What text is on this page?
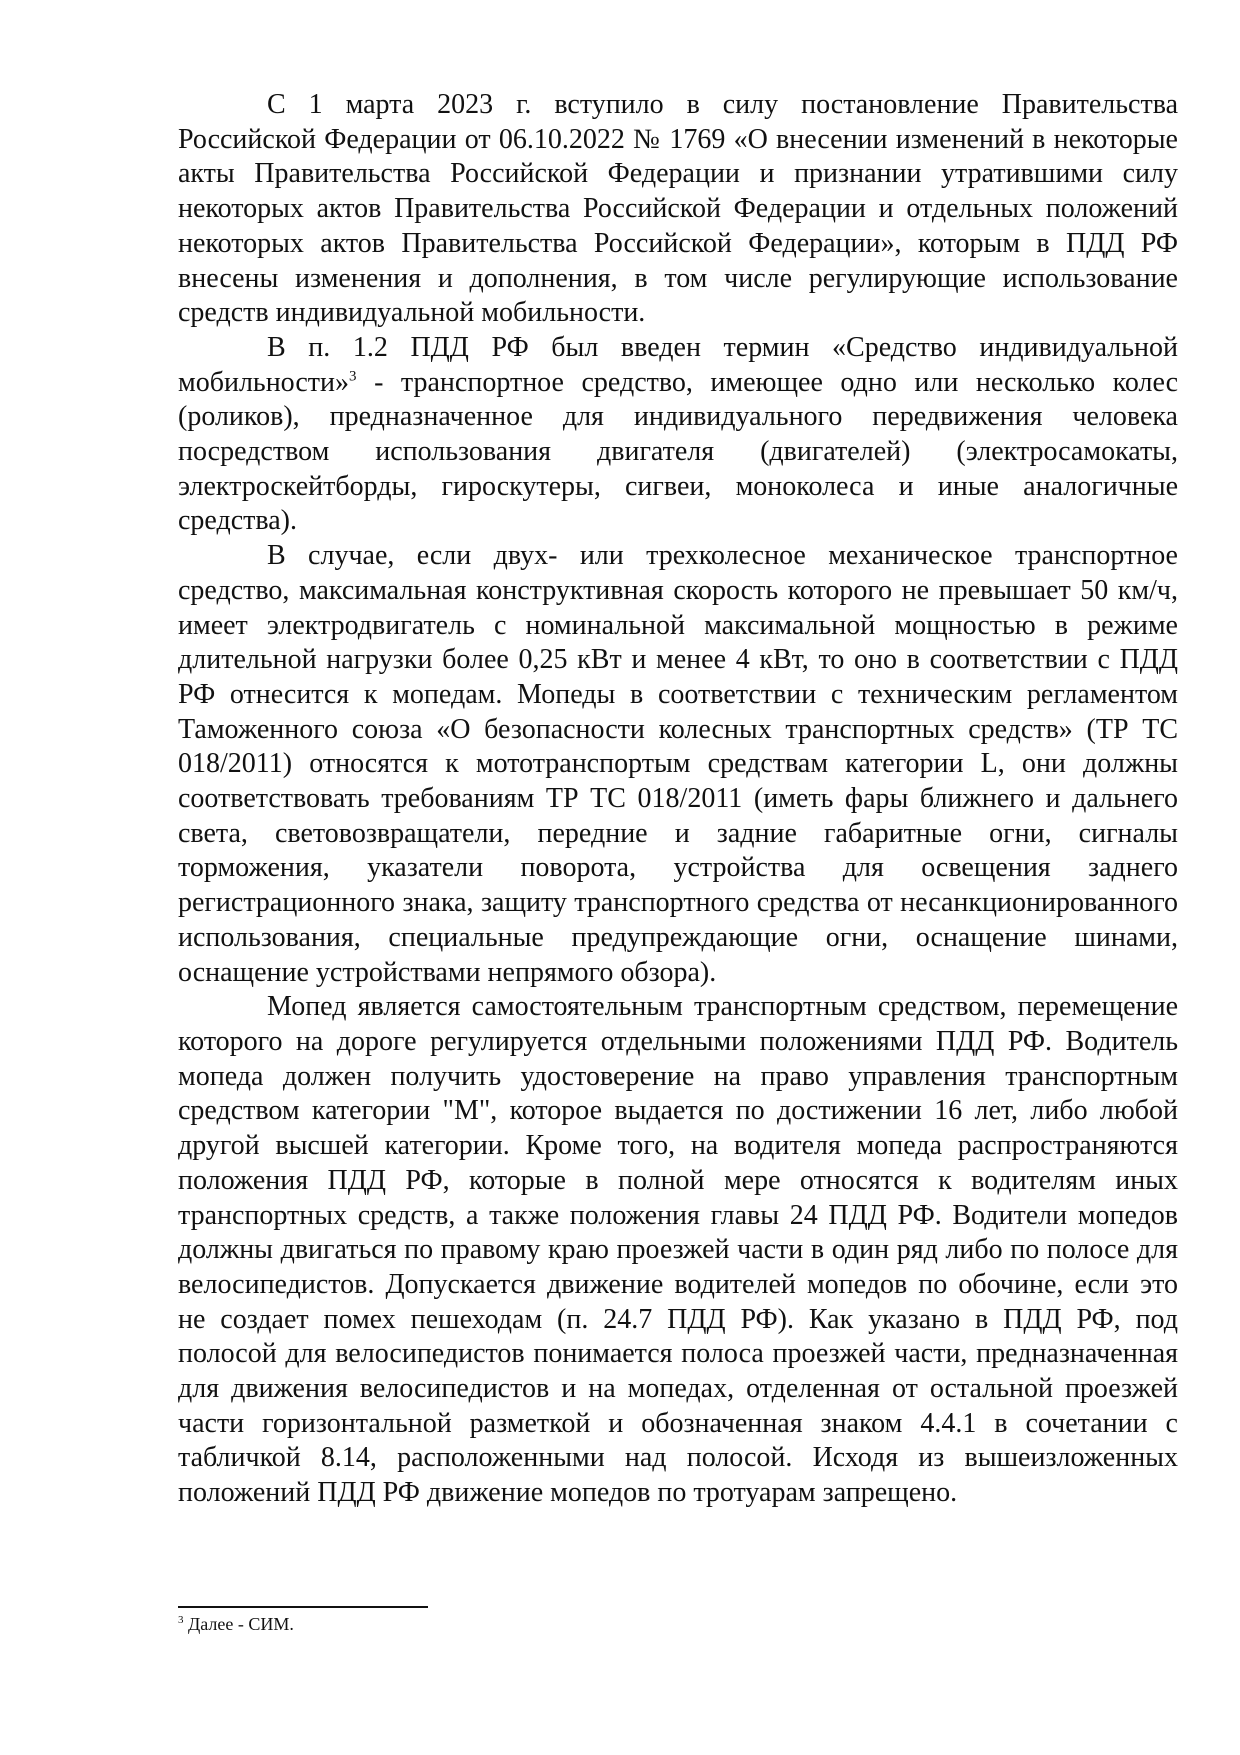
С 1 марта 2023 г. вступило в силу постановление Правительства Российской Федерации от 06.10.2022 № 1769 «О внесении изменений в некоторые акты Правительства Российской Федерации и признании утратившими силу некоторых актов Правительства Российской Федерации и отдельных положений некоторых актов Правительства Российской Федерации», которым в ПДД РФ внесены изменения и дополнения, в том числе регулирующие использование средств индивидуальной мобильности.

В п. 1.2 ПДД РФ был введен термин «Средство индивидуальной мобильности»$^3$ - транспортное средство, имеющее одно или несколько колес (роликов), предназначенное для индивидуального передвижения человека посредством использования двигателя (двигателей) (электросамокаты, электроскейтборды, гироскутеры, сигвеи, моноколеса и иные аналогичные средства).

В случае, если двух- или трехколесное механическое транспортное средство, максимальная конструктивная скорость которого не превышает 50 км/ч, имеет электродвигатель с номинальной максимальной мощностью в режиме длительной нагрузки более 0,25 кВт и менее 4 кВт, то оно в соответствии с ПДД РФ отнесится к мопедам. Мопеды в соответствии с техническим регламентом Таможенного союза «О безопасности колесных транспортных средств» (ТР ТС 018/2011) относятся к мототранспортым средствам категории L, они должны соответствовать требованиям ТР ТС 018/2011 (иметь фары ближнего и дальнего света, световозвращатели, передние и задние габаритные огни, сигналы торможения, указатели поворота, устройства для освещения заднего регистрационного знака, защиту транспортного средства от несанкционированного использования, специальные предупреждающие огни, оснащение шинами, оснащение устройствами непрямого обзора).

Мопед является самостоятельным транспортным средством, перемещение которого на дороге регулируется отдельными положениями ПДД РФ. Водитель мопеда должен получить удостоверение на право управления транспортным средством категории "M", которое выдается по достижении 16 лет, либо любой другой высшей категории. Кроме того, на водителя мопеда распространяются положения ПДД РФ, которые в полной мере относятся к водителям иных транспортных средств, а также положения главы 24 ПДД РФ. Водители мопедов должны двигаться по правому краю проезжей части в один ряд либо по полосе для велосипедистов. Допускается движение водителей мопедов по обочине, если это не создает помех пешеходам (п. 24.7 ПДД РФ). Как указано в ПДД РФ, под полосой для велосипедистов понимается полоса проезжей части, предназначенная для движения велосипедистов и на мопедах, отделенная от остальной проезжей части горизонтальной разметкой и обозначенная знаком 4.4.1 в сочетании с табличкой 8.14, расположенными над полосой. Исходя из вышеизложенных положений ПДД РФ движение мопедов по тротуарам запрещено.

$^3$ Далее - СИМ.
